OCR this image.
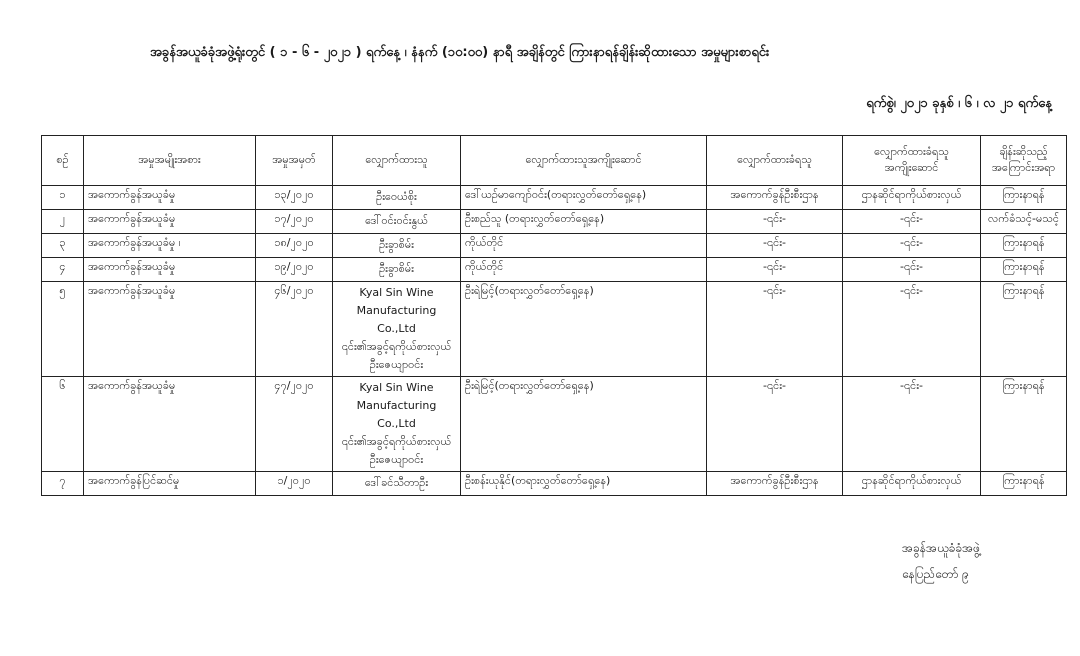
အခွန်အယူခံခုံအဖွဲ့ရုံးတွင် ( ၁ - ၆ - ၂၀၂၁ ) ရက်နေ့ ၊ နံနက် (၁၀:၀၀) နာရီ အချိန်တွင် ကြားနာရန်ချိန်းဆိုထားသော အမှုများစာရင်း
ရက်စွဲ၊ ၂၀၂၁ ခုနှစ် ၊ ၆ ၊ လ ၂၁ ရက်နေ့
စဉ်	အမှုအမျိုးအစား	အမှုအမှတ်	လျှောက်ထားသူ	လျှောက်ထားသူအကျိုးဆောင်	လျှောက်ထားခံရသူ	လျှောက်ထားခံရသူ အကျိုးဆောင်	ချိန်းဆိုသည့် အကြောင်းအရာ
၁	အကောက်ခွန်အယူခံမှု	၁၃/၂၀၂၀	ဦးဝေယံစိုး	ဒေါ်ယဉ်မာကျော်ဝင်း(တရားလွှတ်တော်ရှေ့နေ)	အကောက်ခွန်ဦးစီးဌာန	ဌာနဆိုင်ရာကိုယ်စားလှယ်	ကြားနာရန်
၂	အကောက်ခွန်အယူခံမှု	၁၇/၂၀၂၀	ဒေါ်ဝင်းဝင်းနွယ်	ဦးစည်သူ (တရားလွှတ်တော်ရှေ့နေ)	-၎င်း-	-၎င်း-	လက်ခံသင့်-မသင့်
၃	အကောက်ခွန်အယူခံမှု ၊	၁၈/၂၀၂၀	ဦးခွာစိမ်း	ကိုယ်တိုင်	-၎င်း-	-၎င်း-	ကြားနာရန်
၄	အကောက်ခွန်အယူခံမှု	၁၉/၂၀၂၀	ဦးခွာစိမ်း	ကိုယ်တိုင်	-၎င်း-	-၎င်း-	ကြားနာရန်
၅	အကောက်ခွန်အယူခံမှု	၄၆/၂၀၂၀	Kyal Sin Wine
Manufacturing Co.,Ltd
၎င်း၏အခွင့်ရကိုယ်စားလှယ်
ဦးဇေယျာဝင်း	ဦးရဲမြင့်(တရားလွှတ်တော်ရှေ့နေ)	-၎င်း-	-၎င်း-	ကြားနာရန်
၆	အကောက်ခွန်အယူခံမှု	၄၇/၂၀၂၀	Kyal Sin Wine
Manufacturing Co.,Ltd
၎င်း၏အခွင့်ရကိုယ်စားလှယ်
ဦးဇေယျာဝင်း	ဦးရဲမြင့်(တရားလွှတ်တော်ရှေ့နေ)	-၎င်း-	-၎င်း-	ကြားနာရန်
၇	အကောက်ခွန်ပြင်ဆင်မှု	၁/၂၀၂၀	ဒေါ်ခင်သီတာဦး	ဦးစန်းယုနိုင်(တရားလွှတ်တော်ရှေ့နေ)	အကောက်ခွန်ဦးစီးဌာန	ဌာနဆိုင်ရာကိုယ်စားလှယ်	ကြားနာရန်
အခွန်အယူခံခုံအဖွဲ့
နေပြည်တော် ၉
